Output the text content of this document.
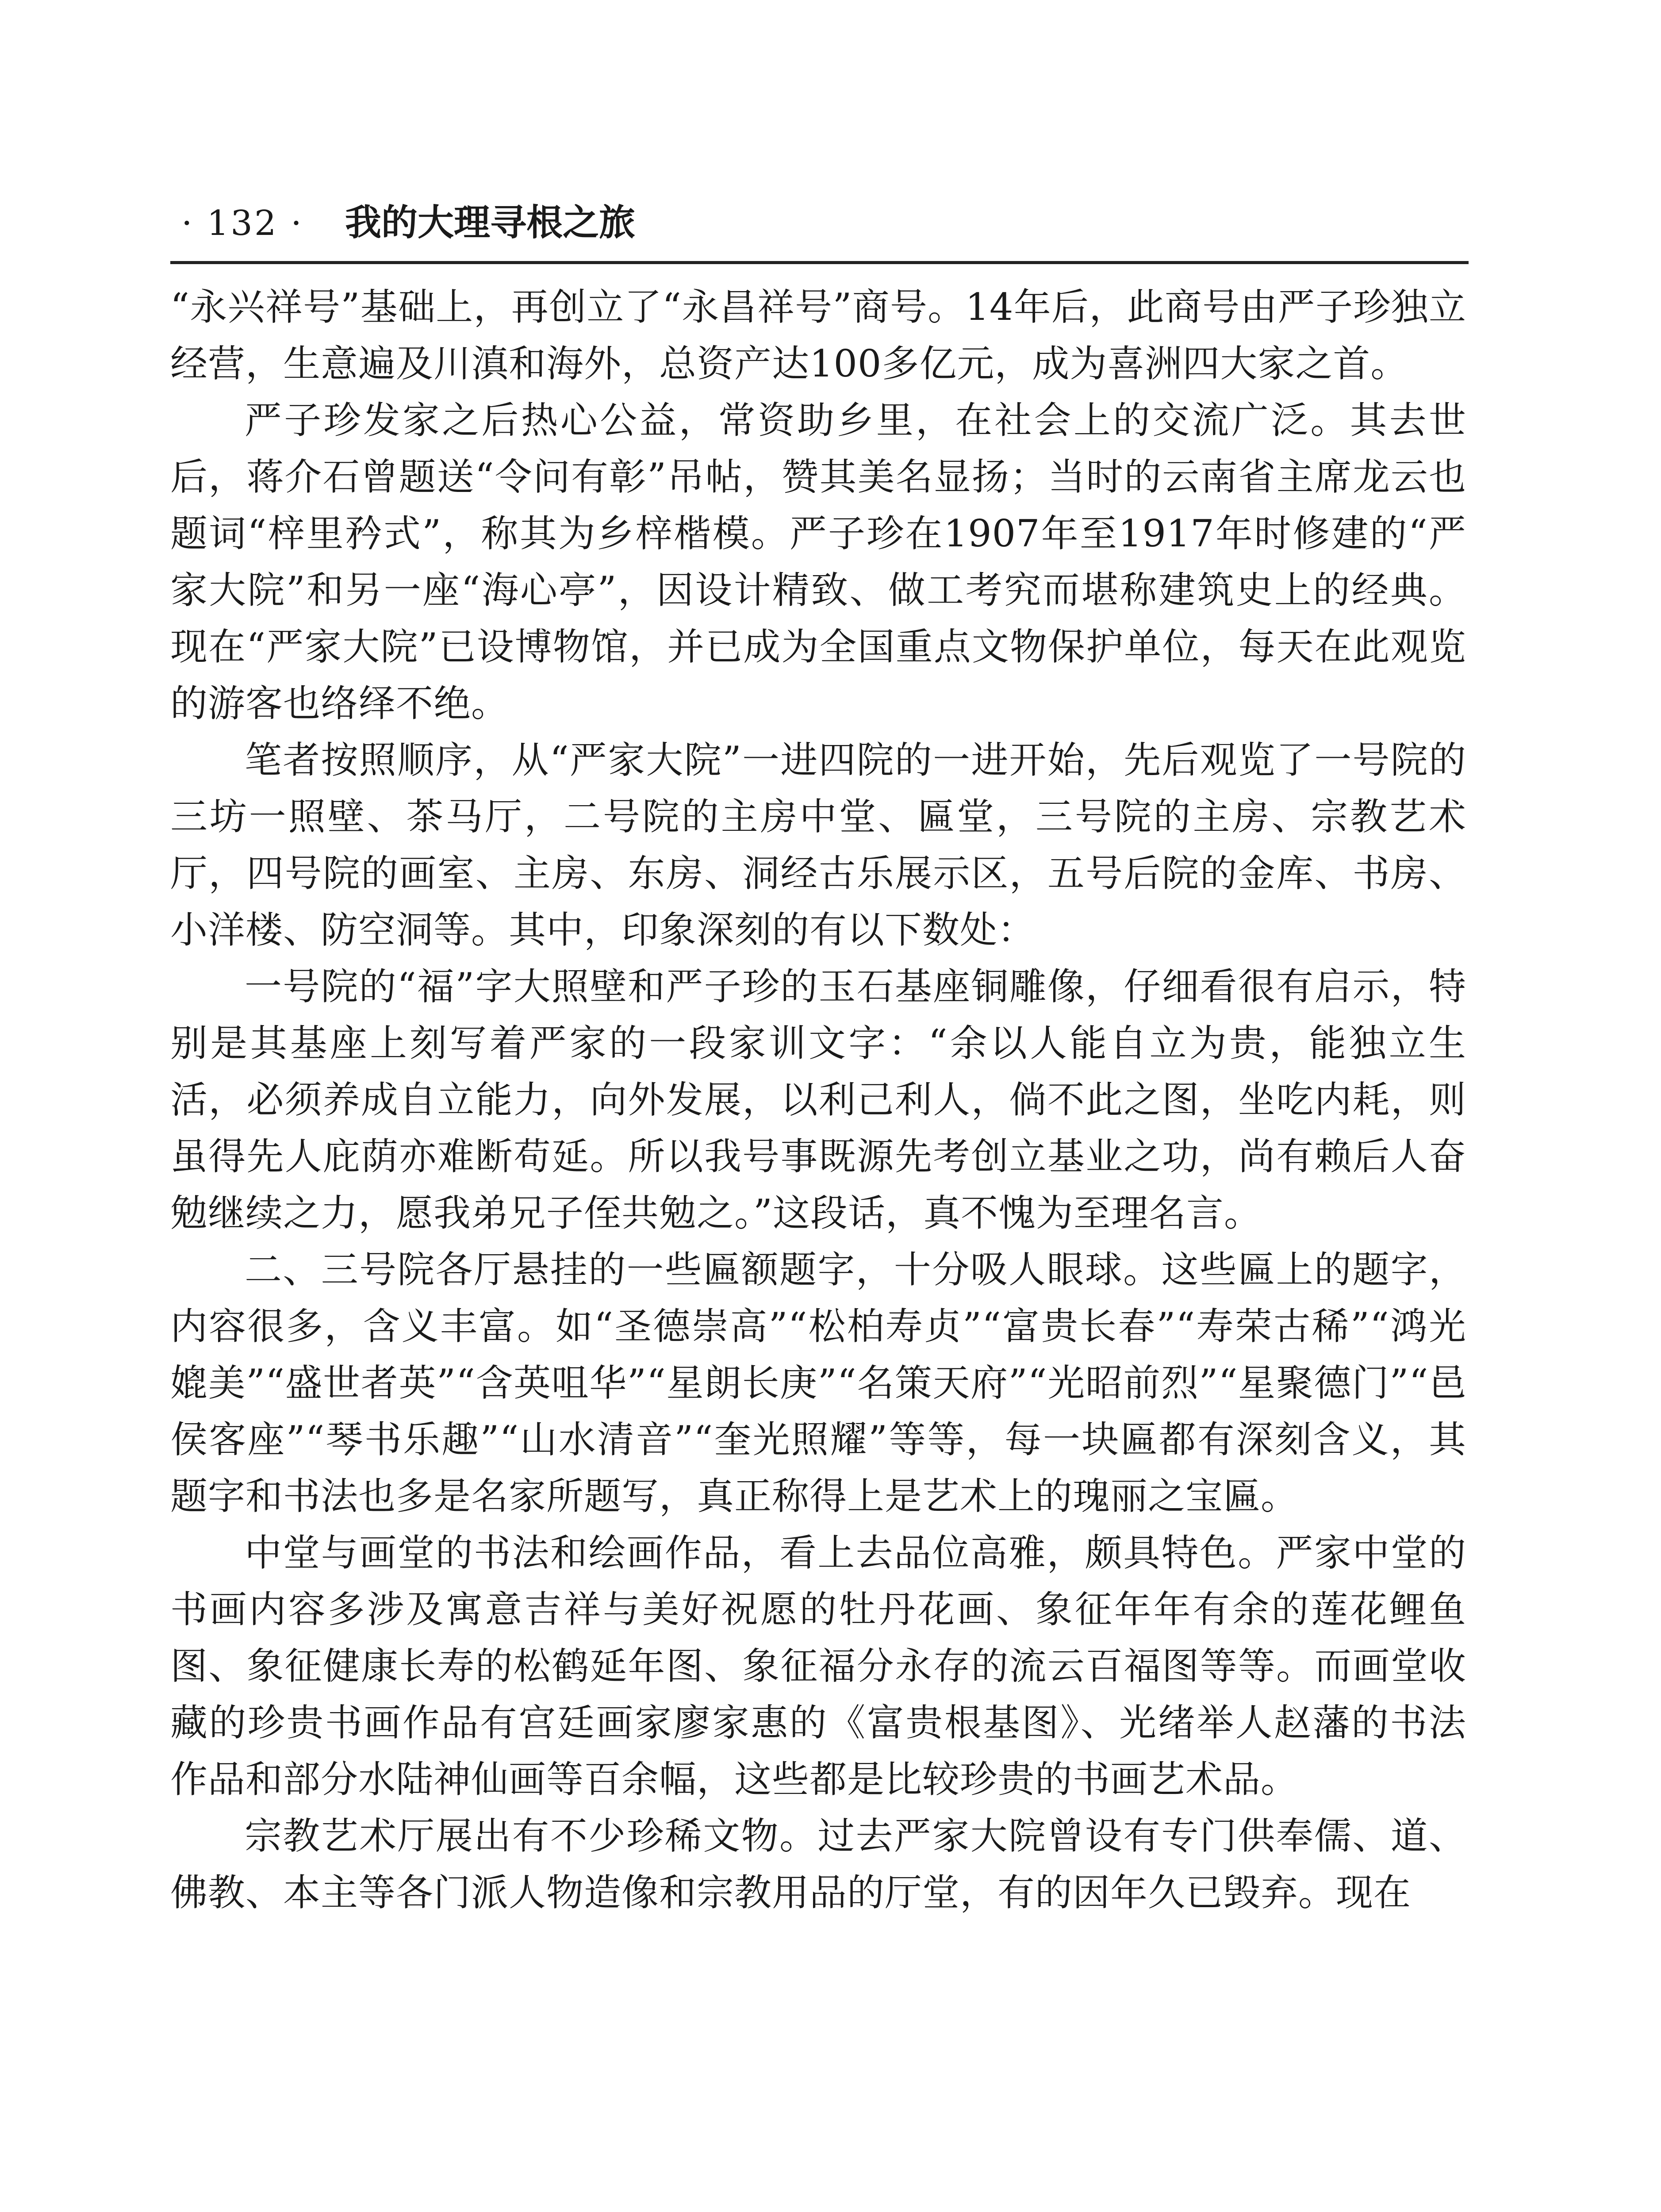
· 132 · 我的大理寻根之旅

“永兴祥号”基础上，再创立了“永昌祥号”商号。14年后，此商号由严子珍独立经营，生意遍及川滇和海外，总资产达100多亿元，成为喜洲四大家之首。

严子珍发家之后热心公益，常资助乡里，在社会上的交流广泛。其去世后，蒋介石曾题送“令问有彰”吊帖，赞其美名显扬；当时的云南省主席龙云也题词“梓里矜式”，称其为乡梓楷模。严子珍在1907年至1917年时修建的“严家大院”和另一座“海心亭”，因设计精致、做工考究而堪称建筑史上的经典。现在“严家大院”已设博物馆，并已成为全国重点文物保护单位，每天在此观览的游客也络绎不绝。

笔者按照顺序，从“严家大院”一进四院的一进开始，先后观览了一号院的三坊一照壁、茶马厅，二号院的主房中堂、匾堂，三号院的主房、宗教艺术厅，四号院的画室、主房、东房、洞经古乐展示区，五号后院的金库、书房、小洋楼、防空洞等。其中，印象深刻的有以下数处：

一号院的“福”字大照壁和严子珍的玉石基座铜雕像，仔细看很有启示，特别是其基座上刻写着严家的一段家训文字：“余以人能自立为贵，能独立生活，必须养成自立能力，向外发展，以利己利人，倘不此之图，坐吃内耗，则虽得先人庇荫亦难断苟延。所以我号事既源先考创立基业之功，尚有赖后人奋勉继续之力，愿我弟兄子侄共勉之。”这段话，真不愧为至理名言。

二、三号院各厅悬挂的一些匾额题字，十分吸人眼球。这些匾上的题字，内容很多，含义丰富。如“圣德崇高”“松柏寿贞”“富贵长春”“寿荣古稀”“鸿光媲美”“盛世者英”“含英咀华”“星朗长庚”“名策天府”“光昭前烈”“星聚德门”“邑侯客座”“琴书乐趣”“山水清音”“奎光照耀”等等，每一块匾都有深刻含义，其题字和书法也多是名家所题写，真正称得上是艺术上的瑰丽之宝匾。

中堂与画堂的书法和绘画作品，看上去品位高雅，颇具特色。严家中堂的书画内容多涉及寓意吉祥与美好祝愿的牡丹花画、象征年年有余的莲花鲤鱼图、象征健康长寿的松鹤延年图、象征福分永存的流云百福图等等。而画堂收藏的珍贵书画作品有宫廷画家廖家惠的《富贵根基图》、光绪举人赵藩的书法作品和部分水陆神仙画等百余幅，这些都是比较珍贵的书画艺术品。

宗教艺术厅展出有不少珍稀文物。过去严家大院曾设有专门供奉儒、道、佛教、本主等各门派人物造像和宗教用品的厅堂，有的因年久已毁弃。现在
